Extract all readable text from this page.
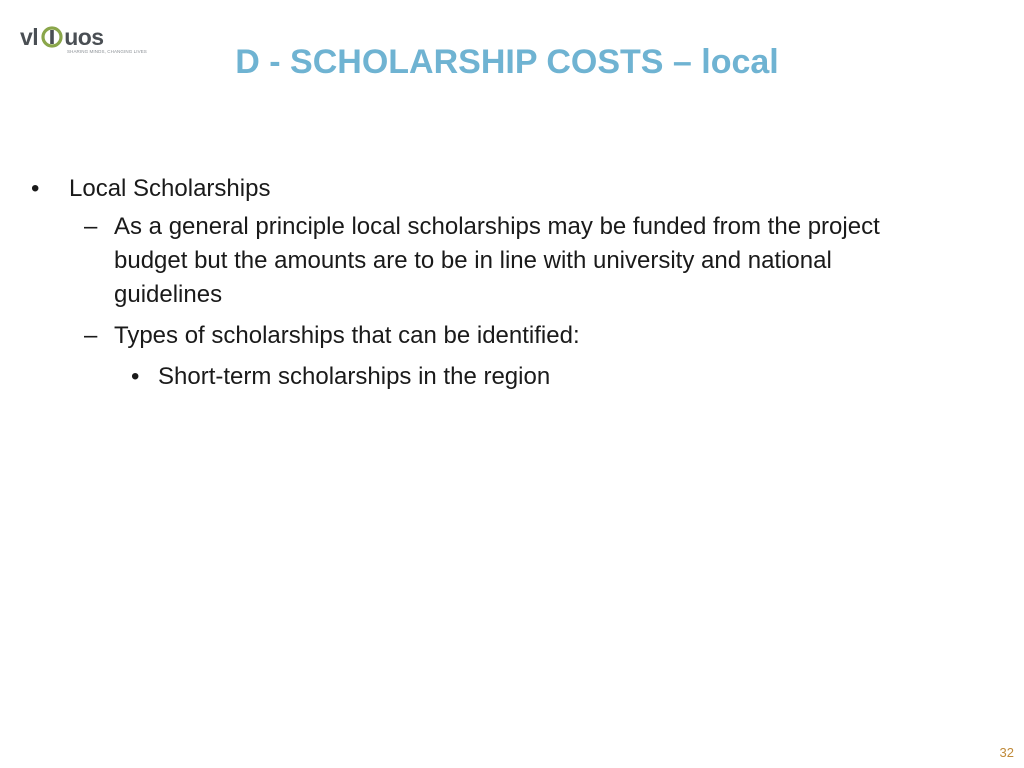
vl uos
SHARING MINDS, CHANGING LIVES	D - SCHOLARSHIP COSTS – local
• Local Scholarships
– As a general principle local scholarships may be funded from the project budget but the amounts are to be in line with university and national guidelines
– Types of scholarships that can be identified:
• Short-term scholarships in the region
32
